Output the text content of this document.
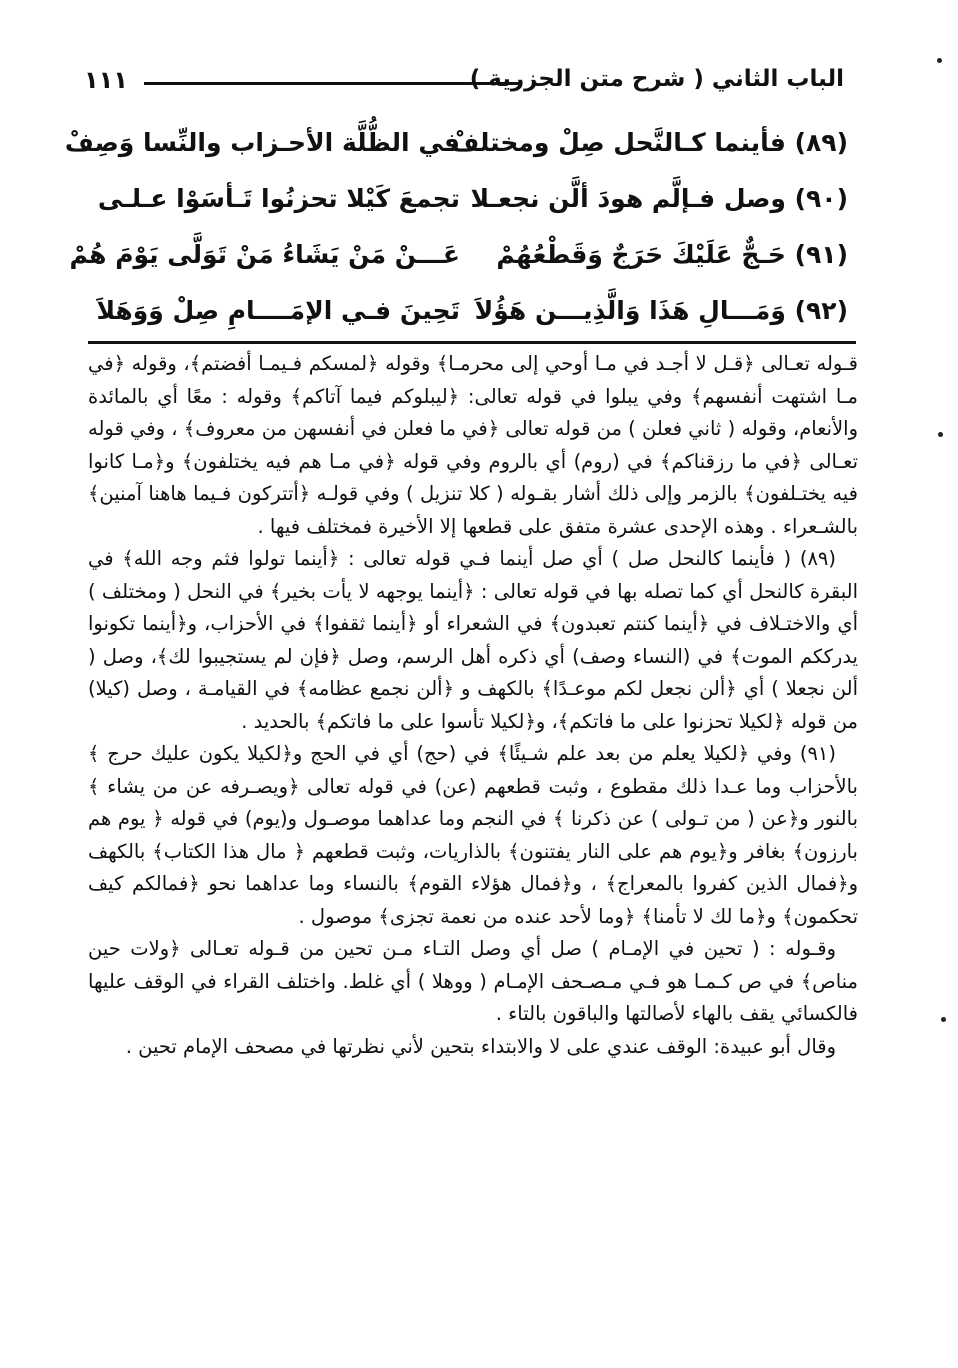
الباب الثاني ( شرح متن الجزرية )
١١١
(٨٩) فأينما كـالنَّحل صِلْ ومختلفْ
في الظُّلَّة الأحـزاب والنِّسا وَصِفْ
(٩٠) وصل فـإلَّم هودَ ألَّن نجعـلا
تجمعَ كَيْلا تحزنُوا تَـأسَوْا عـلـى
(٩١) حَـجٌّ عَلَيْكَ حَرَجٌ وَقَطْعُهُمْ
عَـــنْ مَنْ يَشَاءُ مَنْ تَوَلَّى يَوْمَ هُمْ
(٩٢) وَمَـــالِ هَذَا وَالَّذِيـــن هَؤُلاَ
تَحِينَ فـي الإمَــــامِ صِلْ وَوَهَلاَ

قـوله تعـالى ﴿قـل لا أجـد في مـا أوحي إلى محرمـا﴾ وقوله ﴿لمسكم فـيمـا أفضتم﴾، وقوله ﴿في مـا اشتهت أنفسهم﴾ وفي يبلوا في قوله تعالى: ﴿ليبلوكم فيما آتاكم﴾ وقوله : معًا أي بالمائدة والأنعام، وقوله ( ثاني فعلن ) من قوله تعالى ﴿في ما فعلن في أنفسهن من معروف﴾ ، وفي قوله تعـالى ﴿في ما رزقناكم﴾ في (روم) أي بالروم وفي قوله ﴿في مـا هم فيه يختلفون﴾ و﴿مـا كانوا فيه يختـلفون﴾ بالزمر وإلى ذلك أشار بقـوله ( كلا تنزيل ) وفي قولـه ﴿أتتركون فـيما هاهنا آمنين﴾ بالشـعراء . وهذه الإحدى عشرة متفق على قطعها إلا الأخيرة فمختلف فيها .

(٨٩) ( فأينما كالنحل صل ) أي صل أينما فـي قوله تعالى : ﴿أينما تولوا فثم وجه الله﴾ في البقرة كالنحل أي كما تصله بها في قوله تعالى : ﴿أينما يوجهه لا يأت بخير﴾ في النحل ( ومختلف ) أي والاختـلاف في ﴿أينما كنتم تعبدون﴾ في الشعراء أو ﴿أينما ثقفوا﴾ في الأحزاب، و﴿أينما تكونوا يدرككم الموت﴾ في (النساء وصف) أي ذكره أهل الرسم، وصل ﴿فإن لم يستجيبوا لك﴾، وصل ( ألن نجعلا ) أي ﴿ألن نجعل لكم موعـدًا﴾ بالكهف و ﴿ألن نجمع عظامه﴾ في القيامـة ، وصل (كيلا) من قوله ﴿لكيلا تحزنوا على ما فاتكم﴾، و﴿لكيلا تأسوا على ما فاتكم﴾ بالحديد .

(٩١) وفي ﴿لكيلا يعلم من بعد علم شـيئًا﴾ في (حج) أي في الحج و﴿لكيلا يكون عليك حرج ﴾ بالأحزاب وما عـدا ذلك مقطوع ، وثبت قطعهم (عن) في قوله تعالى ﴿ويصـرفه عن من يشاء ﴾ بالنور و﴿عن ( من تـولى ) عن ذكرنا ﴾ في النجم وما عداهما موصـول و(يوم) في قوله ﴿ يوم هم بارزون﴾ بغافر و﴿يوم هم على النار يفتنون﴾ بالذاريات، وثبت قطعهم ﴿ مال هذا الكتاب﴾ بالكهف و﴿فمال الذين كفروا بالمعراج﴾ ، و﴿فمال هؤلاء القوم﴾ بالنساء وما عداهما نحو ﴿فمالكم كيف تحكمون﴾ و﴿ما لك لا تأمنا﴾ ﴿وما لأحد عنده من نعمة تجزى﴾ موصول .

وقـوله : ( تحين في الإمـام ) صل أي وصل التـاء مـن تحين من قـوله تعـالى ﴿ولات حين مناص﴾ في ص كـمـا هو فـي مـصـحف الإمـام ( ووهلا ) أي غلط. واختلف القراء في الوقف عليها فالكسائي يقف بالهاء لأصالتها والباقون بالتاء .

وقال أبو عبيدة: الوقف عندي على لا والابتداء بتحين لأني نظرتها في مصحف الإمام تحين .
